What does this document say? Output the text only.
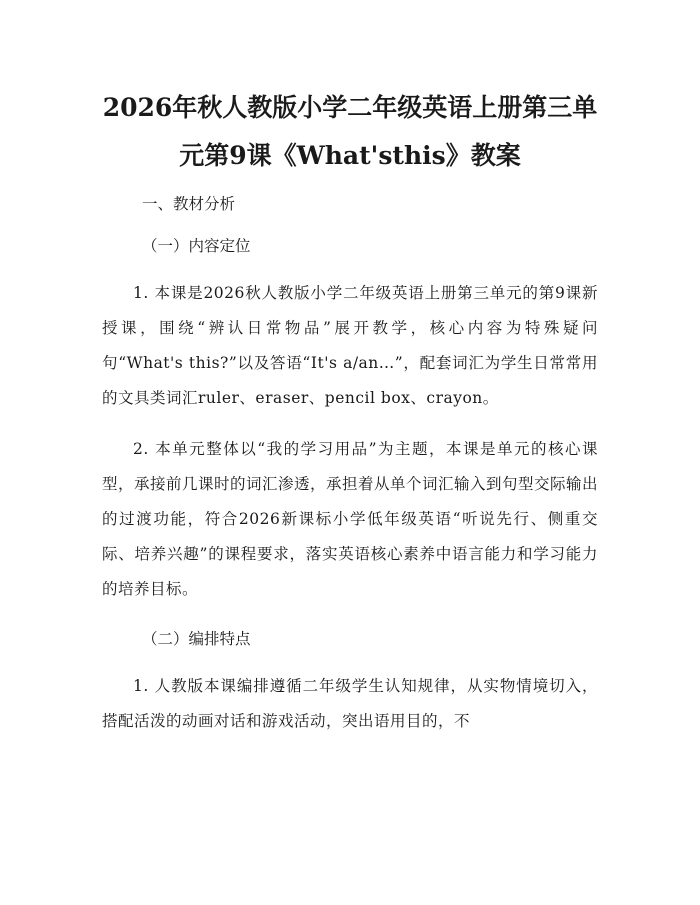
2026年秋人教版小学二年级英语上册第三单
元第9课《What'sthis》教案

一、教材分析

（一）内容定位

1. 本课是2026秋人教版小学二年级英语上册第三单元的第9课新授课，围绕“辨认日常物品”展开教学，核心内容为特殊疑问句“What's this?”以及答语“It's a/an…”，配套词汇为学生日常常用的文具类词汇ruler、eraser、pencil box、crayon。

2. 本单元整体以“我的学习用品”为主题，本课是单元的核心课型，承接前几课时的词汇渗透，承担着从单个词汇输入到句型交际输出的过渡功能，符合2026新课标小学低年级英语“听说先行、侧重交际、培养兴趣”的课程要求，落实英语核心素养中语言能力和学习能力的培养目标。

（二）编排特点

1. 人教版本课编排遵循二年级学生认知规律，从实物情境切入，搭配活泼的动画对话和游戏活动，突出语用目的，不
